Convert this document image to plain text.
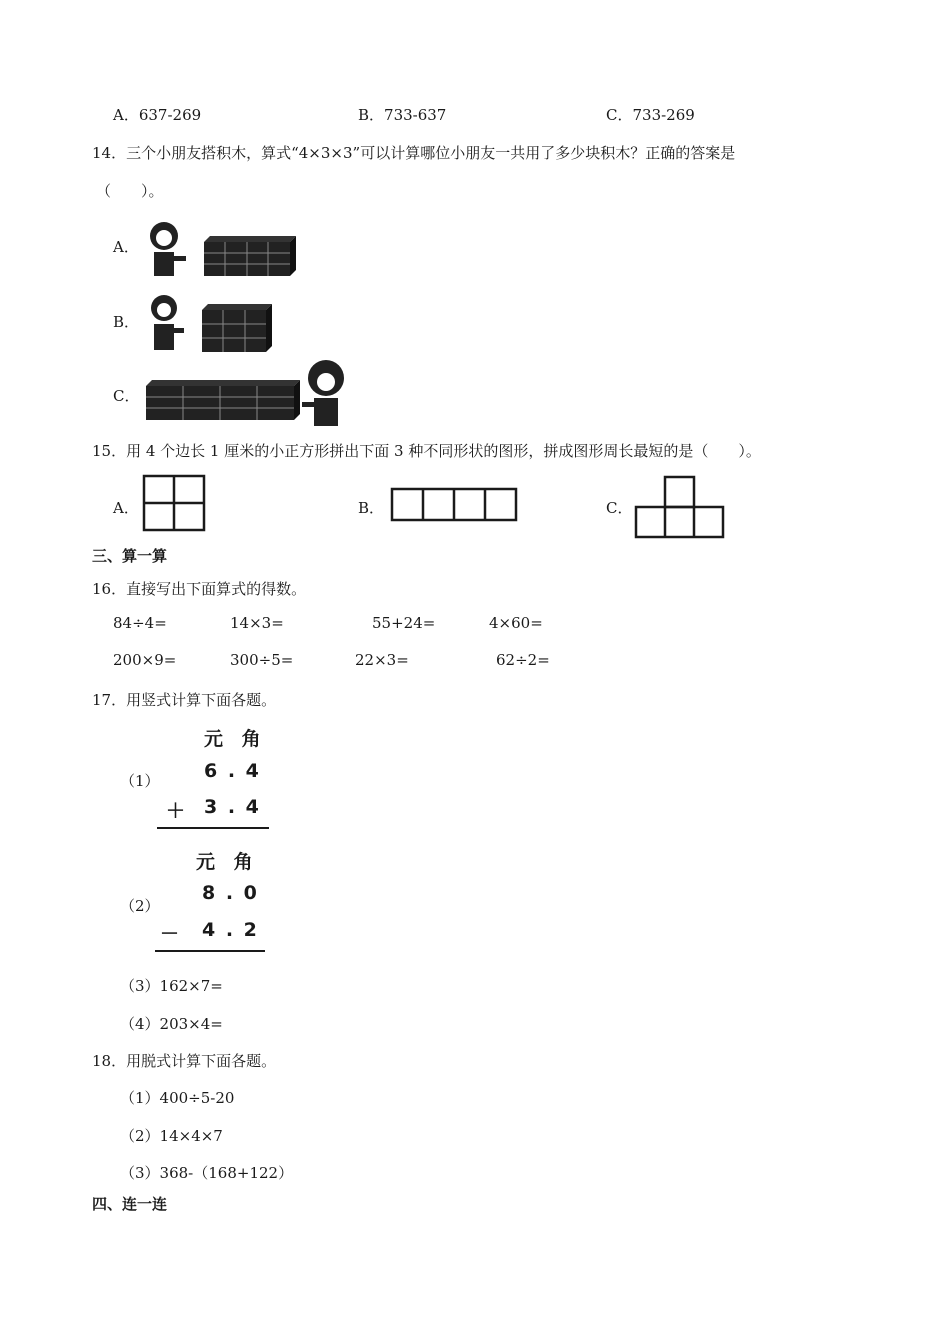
A．637-269	B．733-637	C．733-269
14．三个小朋友搭积木，算式“4×3×3”可以计算哪位小朋友一共用了多少块积木？正确的答案是
（　　）。
A．
B．
C．
15．用 4 个边长 1 厘米的小正方形拼出下面 3 种不同形状的图形，拼成图形周长最短的是（　　）。
A．	B．	C．
三、算一算
16．直接写出下面算式的得数。
84÷4=	14×3=	55+24=	4×60=
200×9=	300÷5=	22×3=	62÷2=
17．用竖式计算下面各题。
（1）
元 角
6 . 4
＋ 3 . 4
（2）
元 角
8 . 0
－ 4 . 2
（3）162×7=
（4）203×4=
18．用脱式计算下面各题。
（1）400÷5-20
（2）14×4×7
（3）368-（168+122）
四、连一连
